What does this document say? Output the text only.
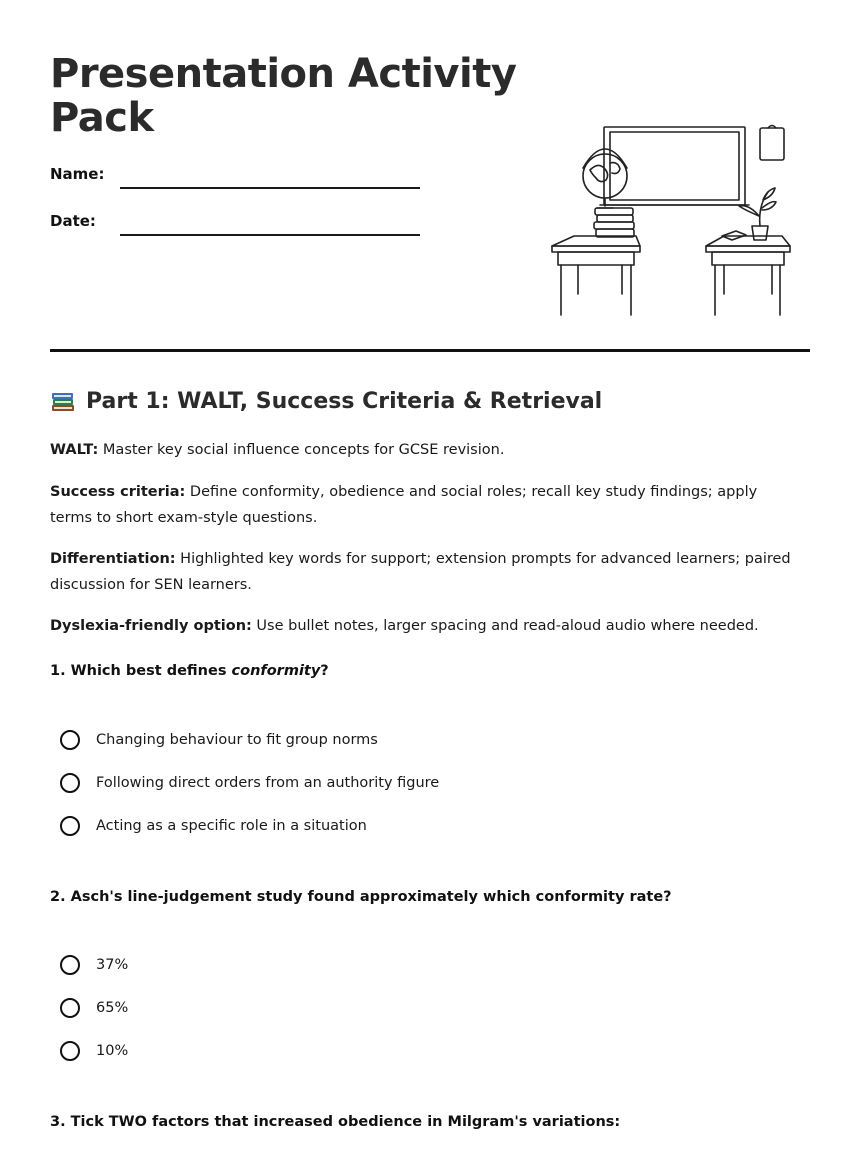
Presentation Activity
Pack
Name:
Date:
Part 1: WALT, Success Criteria & Retrieval
WALT: Master key social influence concepts for GCSE revision.
Success criteria: Define conformity, obedience and social roles; recall key study findings; apply terms to short exam-style questions.
Differentiation: Highlighted key words for support; extension prompts for advanced learners; paired discussion for SEN learners.
Dyslexia-friendly option: Use bullet notes, larger spacing and read-aloud audio where needed.
1. Which best defines conformity?
Changing behaviour to fit group norms
Following direct orders from an authority figure
Acting as a specific role in a situation
2. Asch's line-judgement study found approximately which conformity rate?
37%
65%
10%
3. Tick TWO factors that increased obedience in Milgram's variations:
